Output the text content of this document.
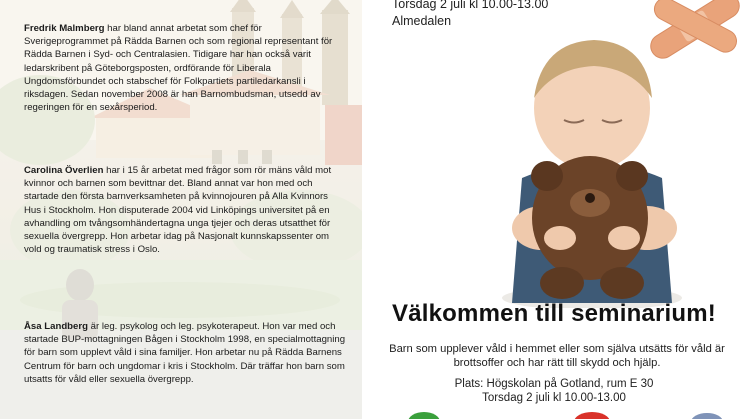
Fredrik Malmberg har bland annat arbetat som chef för Sverigeprogrammet på Rädda Barnen och som regional representant för Rädda Barnen i Syd- och Centralasien. Tidigare har han också varit ledarskribent på Göteborgsposten, ordförande för Liberala Ungdomsförbundet och stabschef för Folkpartiets partiledarkansli i riksdagen. Sedan november 2008 är han Barnombudsman, utsedd av regeringen för en sexårsperiod.

Carolina Överlien har i 15 år arbetat med frågor som rör mäns våld mot kvinnor och barnen som bevittnar det. Bland annat var hon med och startade den första barnverksamheten på kvinnojouren på Alla Kvinnors Hus i Stockholm. Hon disputerade 2004 vid Linköpings universitet på en avhandling om tvångsomhändertagna unga tjejer och deras utsatthet för sexuella övergrepp. Hon arbetar idag på Nasjonalt kunnskapssenter om vold og traumatisk stress i Oslo.

Åsa Landberg är leg. psykolog och leg. psykoterapeut. Hon var med och startade BUP-mottagningen Bågen i Stockholm 1998, en specialmottagning för barn som upplevt våld i sina familjer. Hon arbetar nu på Rädda Barnens Centrum för barn och ungdomar i kris i Stockholm. Där träffar hon barn som utsatts för våld eller sexuella övergrepp.

Torsdag 2 juli kl 10.00-13.00
Almedalen
Välkommen till seminarium!
Barn som upplever våld i hemmet eller som själva utsätts för våld är brottsoffer och har rätt till skydd och hjälp.
Plats: Högskolan på Gotland, rum E 30
Torsdag 2 juli kl 10.00-13.00
